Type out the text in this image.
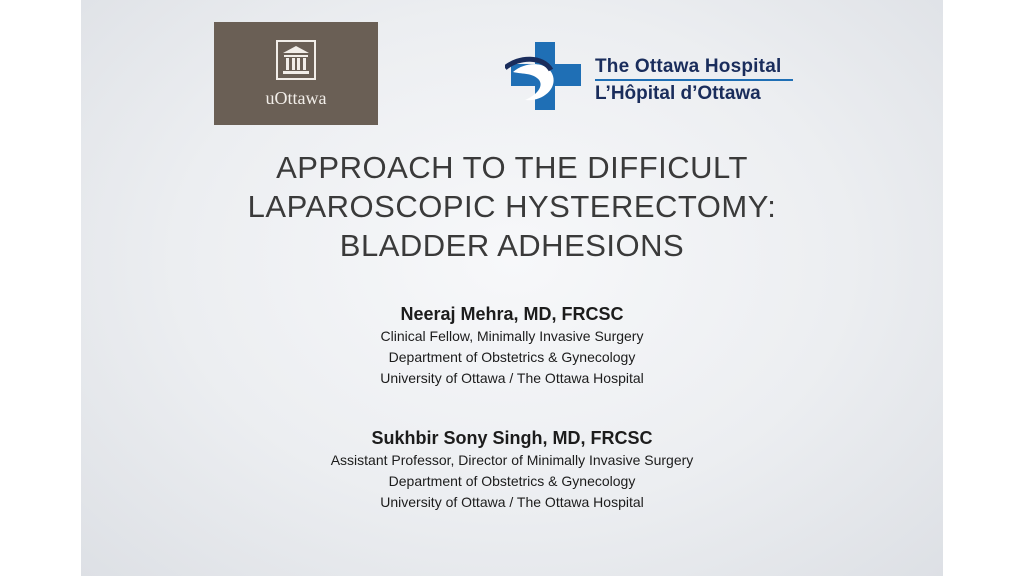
uOttawa
The Ottawa Hospital
L’Hôpital d’Ottawa
APPROACH TO THE DIFFICULT
LAPAROSCOPIC HYSTERECTOMY:
BLADDER ADHESIONS
Neeraj Mehra, MD, FRCSC
Clinical Fellow, Minimally Invasive Surgery
Department of Obstetrics & Gynecology
University of Ottawa / The Ottawa Hospital
Sukhbir Sony Singh, MD, FRCSC
Assistant Professor, Director of Minimally Invasive Surgery
Department of Obstetrics & Gynecology
University of Ottawa / The Ottawa Hospital
